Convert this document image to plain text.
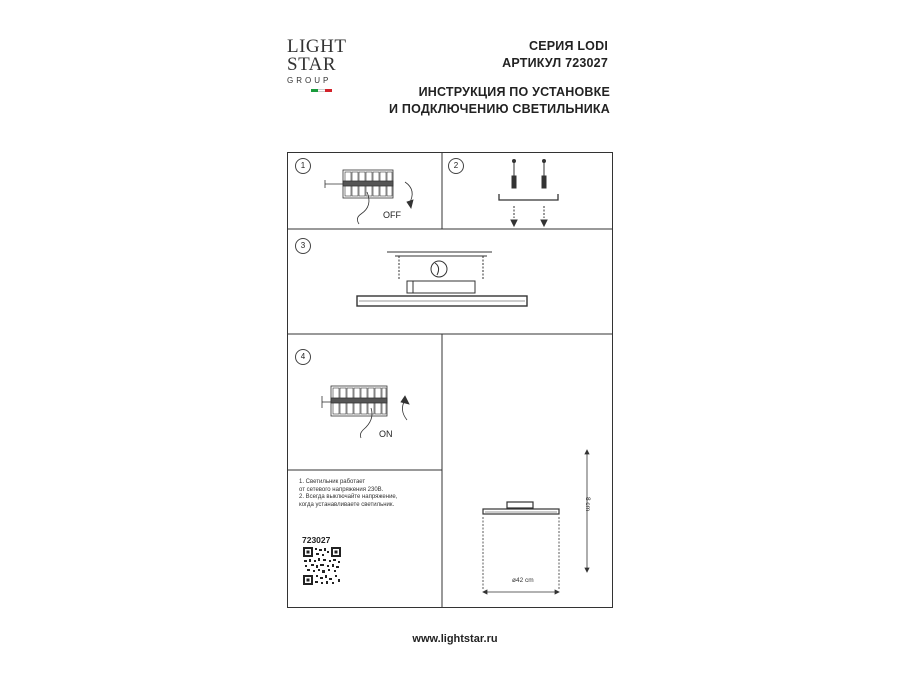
LIGHT
STAR
GROUP
СЕРИЯ LODI
АРТИКУЛ 723027
ИНСТРУКЦИЯ ПО УСТАНОВКЕ
И ПОДКЛЮЧЕНИЮ СВЕТИЛЬНИКА
1	2
3
4
OFF
ON

1. Светильник работает

от сетевого напряжения 230В.

2. Всегда выключайте напряжение,

когда устанавливаете светильник.

723027
ø42 cm
8 cm
www.lightstar.ru
